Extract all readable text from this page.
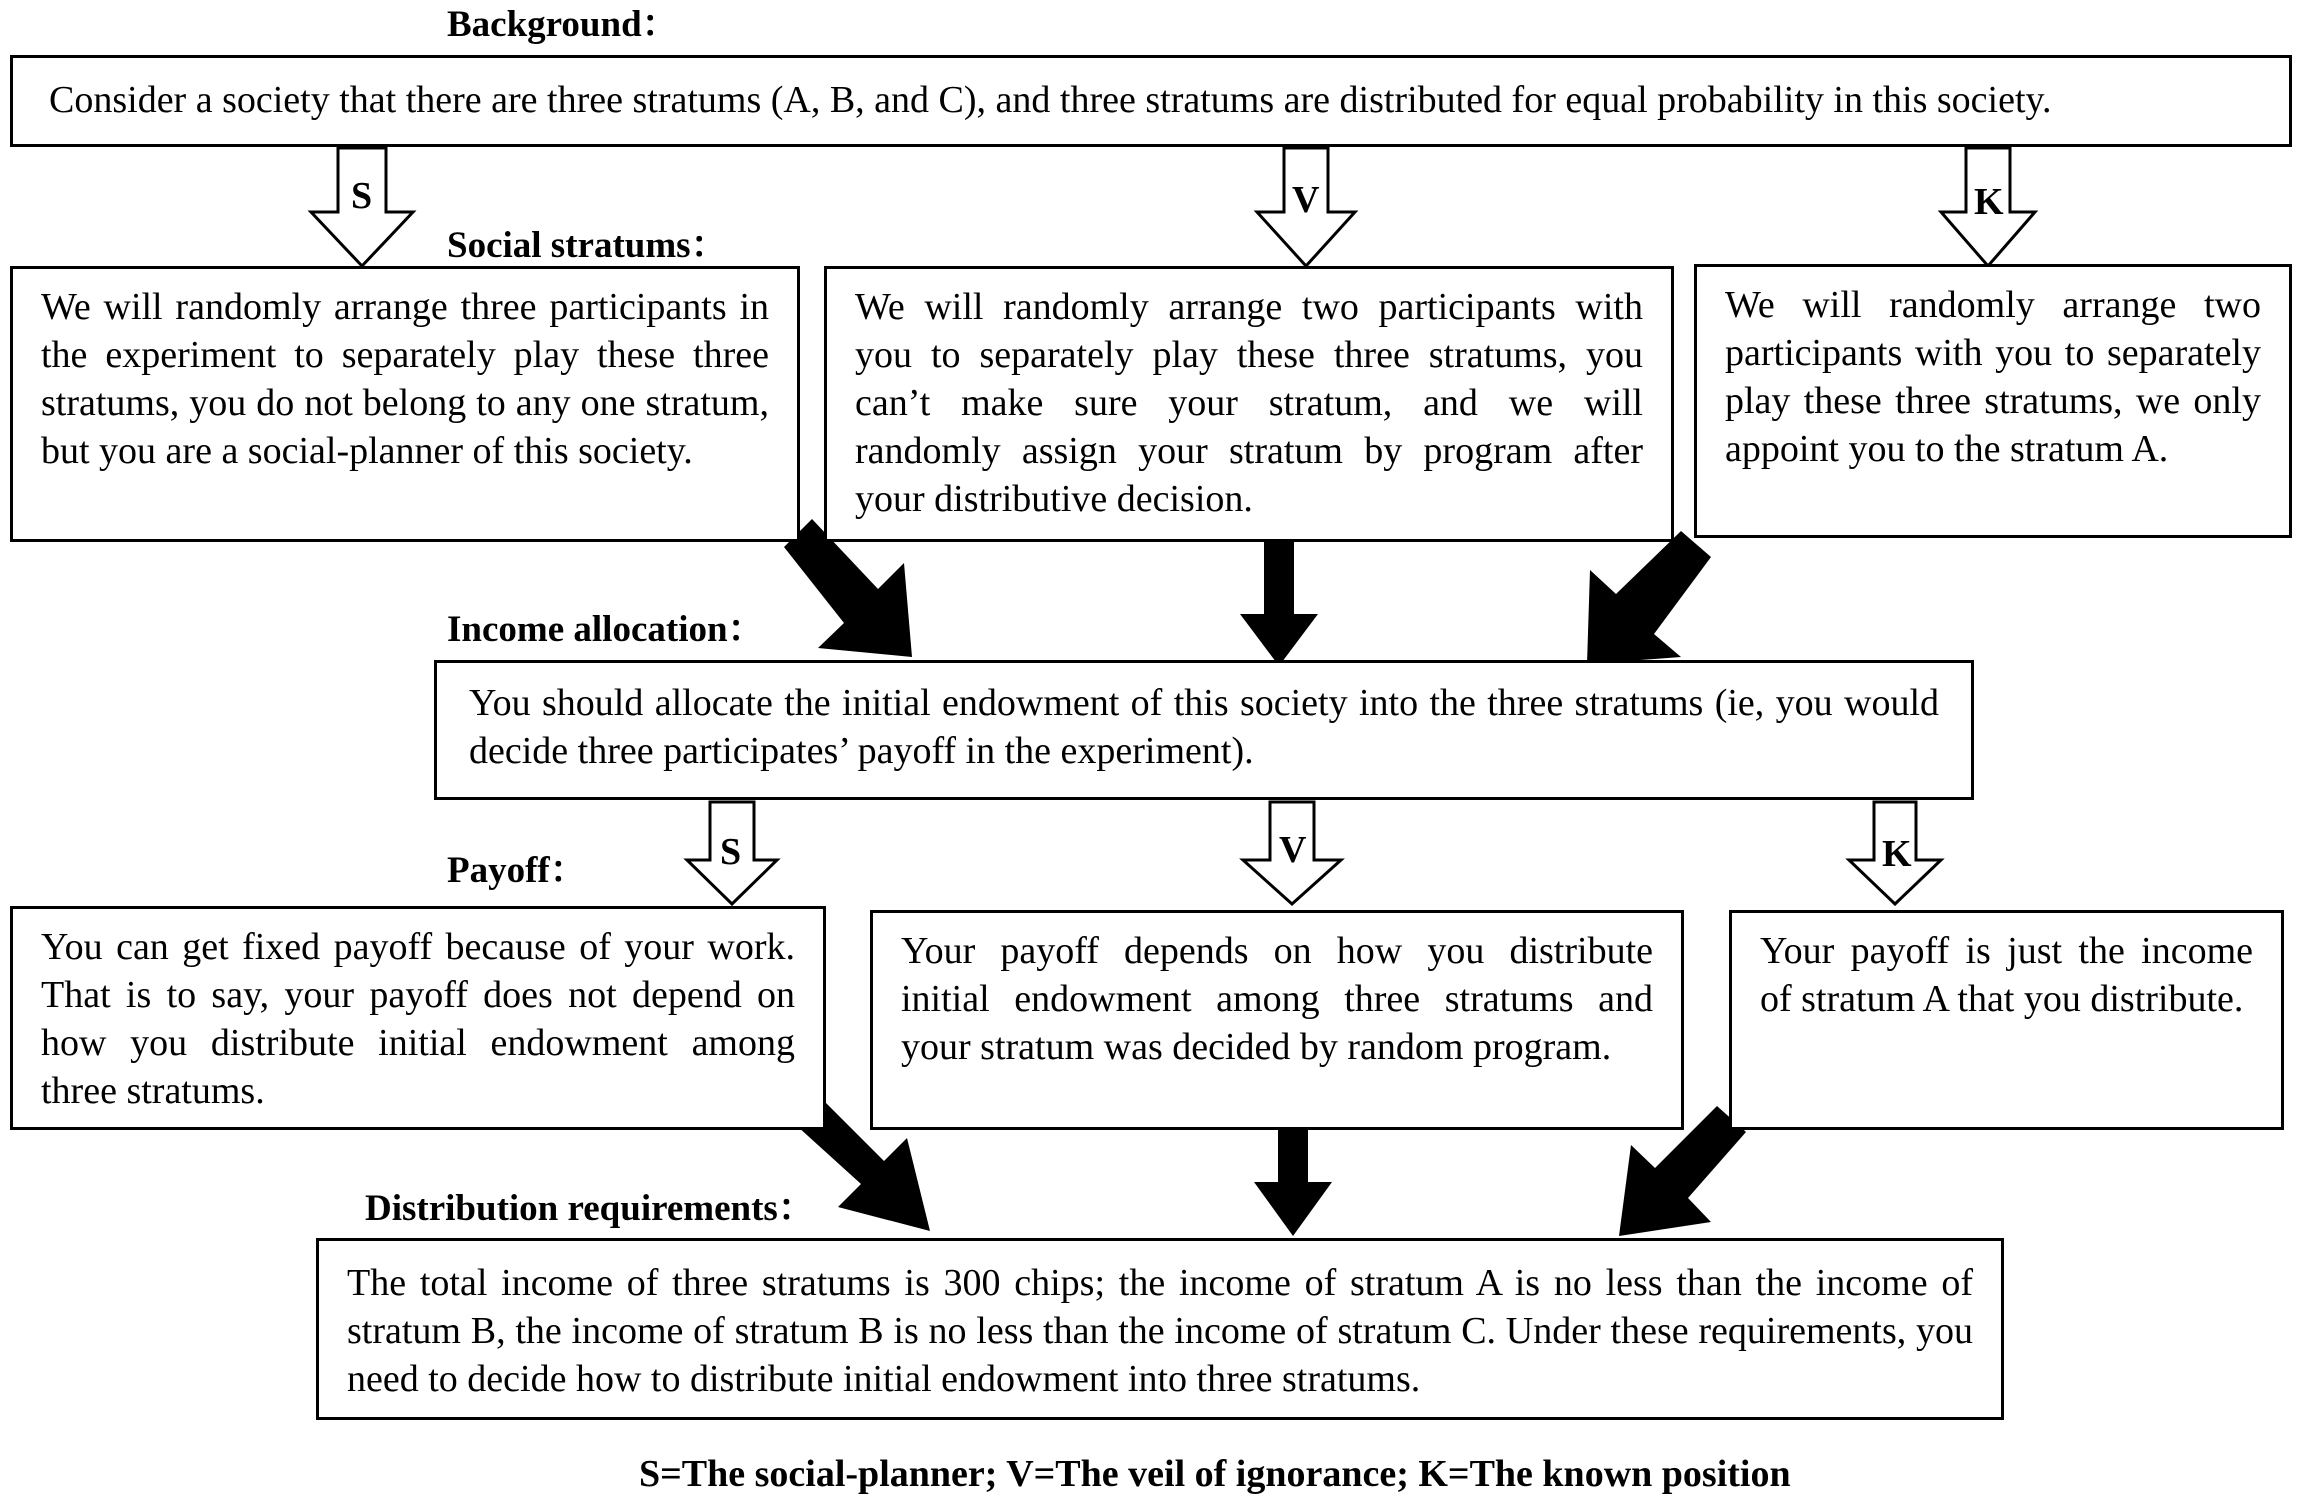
S	V	K
S	V	K
Background：
Social stratums：
Income allocation：
Payoff：
Distribution requirements：

Consider a society that there are three stratums (A, B, and C), and three stratums are distributed for equal probability in this society.

We will randomly arrange three participants in the experiment to separately play these three stratums, you do not belong to any one stratum, but you are a social-planner of this society.

We will randomly arrange two participants with you to separately play these three stratums, you can’t make sure your stratum, and we will randomly assign your stratum by program after your distributive decision.

We will randomly arrange two participants with you to separately play these three stratums, we only appoint you to the stratum A.

You should allocate the initial endowment of this society into the three stratums (ie, you would decide three participates’ payoff in the experiment).

You can get fixed payoff because of your work. That is to say, your payoff does not depend on how you distribute initial endowment among three stratums.

Your payoff depends on how you distribute initial endowment among three stratums and your stratum was decided by random program.

Your payoff is just the income of stratum A that you distribute.

The total income of three stratums is 300 chips; the income of stratum A is no less than the income of stratum B, the income of stratum B is no less than the income of stratum C. Under these requirements, you need to decide how to distribute initial endowment into three stratums.

S=The social-planner; V=The veil of ignorance; K=The known position
